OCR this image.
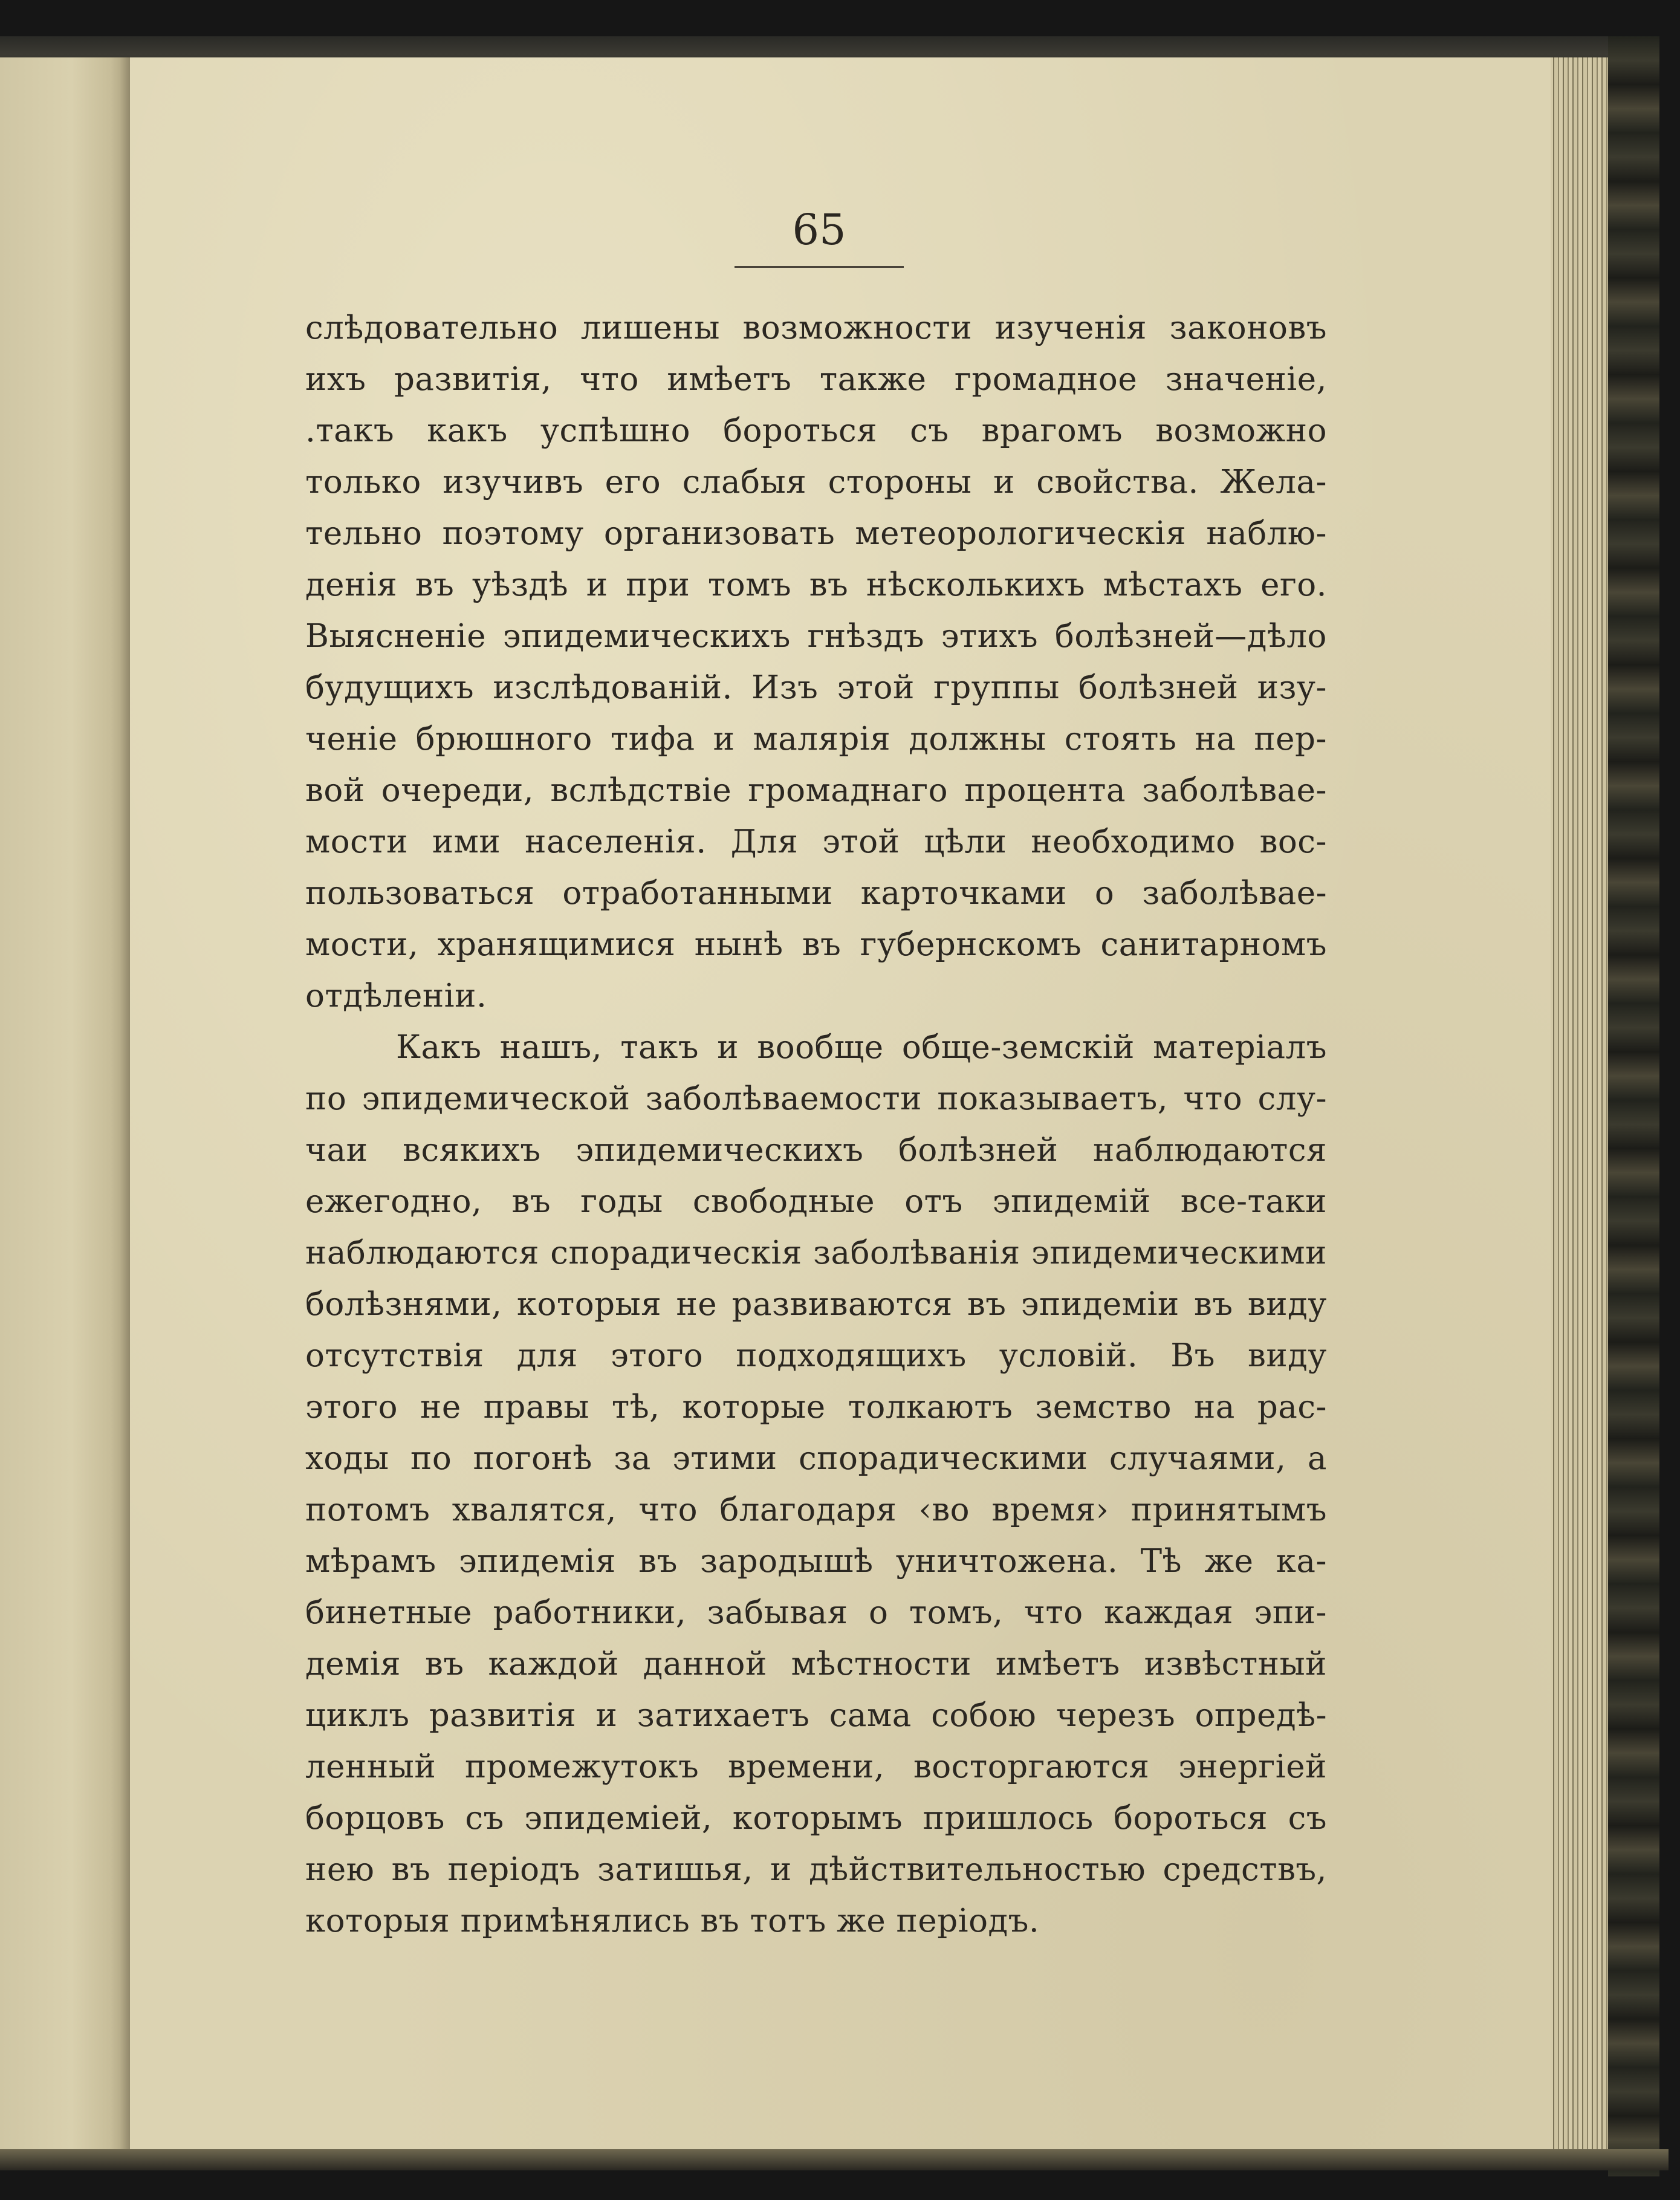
65
слѣдовательно лишены возможности изученія законовъ
ихъ развитія, что имѣетъ также громадное значеніе,
.такъ какъ успѣшно бороться съ врагомъ возможно
только изучивъ его слабыя стороны и свойства. Жела-
тельно поэтому организовать метеорологическія наблю-
денія въ уѣздѣ и при томъ въ нѣсколькихъ мѣстахъ его.
Выясненіе эпидемическихъ гнѣздъ этихъ болѣзней—дѣло
будущихъ изслѣдованій. Изъ этой группы болѣзней изу-
ченіе брюшного тифа и малярія должны стоять на пер-
вой очереди, вслѣдствіе громаднаго процента заболѣвае-
мости ими населенія. Для этой цѣли необходимо вос-
пользоваться отработанными карточками о заболѣвае-
мости, хранящимися нынѣ въ губернскомъ санитарномъ
отдѣленіи.
Какъ нашъ, такъ и вообще обще-земскій матеріалъ
по эпидемической заболѣваемости показываетъ, что слу-
чаи всякихъ эпидемическихъ болѣзней наблюдаются
ежегодно, въ годы свободные отъ эпидемій все-таки
наблюдаются спорадическія заболѣванія эпидемическими
болѣзнями, которыя не развиваются въ эпидеміи въ виду
отсутствія для этого подходящихъ условій. Въ виду
этого не правы тѣ, которые толкаютъ земство на рас-
ходы по погонѣ за этими спорадическими случаями, а
потомъ хвалятся, что благодаря ‹во время› принятымъ
мѣрамъ эпидемія въ зародышѣ уничтожена. Тѣ же ка-
бинетные работники, забывая о томъ, что каждая эпи-
демія въ каждой данной мѣстности имѣетъ извѣстный
циклъ развитія и затихаетъ сама собою черезъ опредѣ-
ленный промежутокъ времени, восторгаются энергіей
борцовъ съ эпидеміей, которымъ пришлось бороться съ
нею въ періодъ затишья, и дѣйствительностью средствъ,
которыя примѣнялись въ тотъ же періодъ.
